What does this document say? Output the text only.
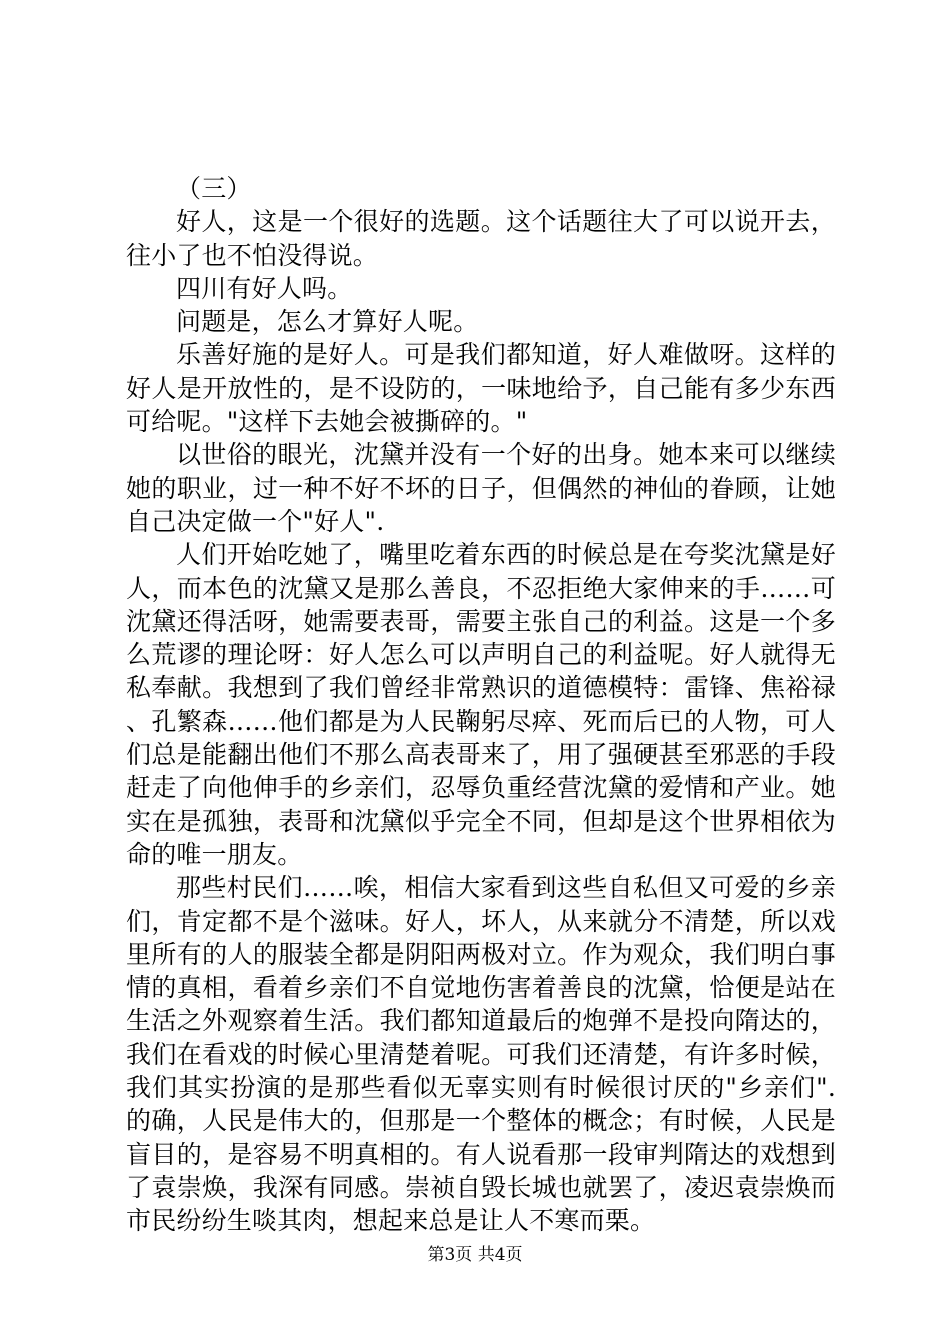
（三）

好人，这是一个很好的选题。这个话题往大了可以说开去，往小了也不怕没得说。

四川有好人吗。

问题是，怎么才算好人呢。

乐善好施的是好人。可是我们都知道，好人难做呀。这样的好人是开放性的，是不设防的，一味地给予，自己能有多少东西可给呢。"这样下去她会被撕碎的。"

以世俗的眼光，沈黛并没有一个好的出身。她本来可以继续她的职业，过一种不好不坏的日子，但偶然的神仙的眷顾，让她自己决定做一个"好人".

人们开始吃她了，嘴里吃着东西的时候总是在夸奖沈黛是好人，而本色的沈黛又是那么善良，不忍拒绝大家伸来的手……可沈黛还得活呀，她需要表哥，需要主张自己的利益。这是一个多么荒谬的理论呀：好人怎么可以声明自己的利益呢。好人就得无私奉献。我想到了我们曾经非常熟识的道德模特：雷锋、焦裕禄、孔繁森……他们都是为人民鞠躬尽瘁、死而后已的人物，可人们总是能翻出他们不那么高表哥来了，用了强硬甚至邪恶的手段赶走了向他伸手的乡亲们，忍辱负重经营沈黛的爱情和产业。她实在是孤独，表哥和沈黛似乎完全不同，但却是这个世界相依为命的唯一朋友。

那些村民们……唉，相信大家看到这些自私但又可爱的乡亲们，肯定都不是个滋味。好人，坏人，从来就分不清楚，所以戏里所有的人的服装全都是阴阳两极对立。作为观众，我们明白事情的真相，看着乡亲们不自觉地伤害着善良的沈黛，恰便是站在生活之外观察着生活。我们都知道最后的炮弹不是投向隋达的，我们在看戏的时候心里清楚着呢。可我们还清楚，有许多时候，我们其实扮演的是那些看似无辜实则有时候很讨厌的"乡亲们".的确，人民是伟大的，但那是一个整体的概念；有时候，人民是盲目的，是容易不明真相的。有人说看那一段审判隋达的戏想到了袁崇焕，我深有同感。崇祯自毁长城也就罢了，凌迟袁崇焕而市民纷纷生啖其肉，想起来总是让人不寒而栗。

第3页 共4页
